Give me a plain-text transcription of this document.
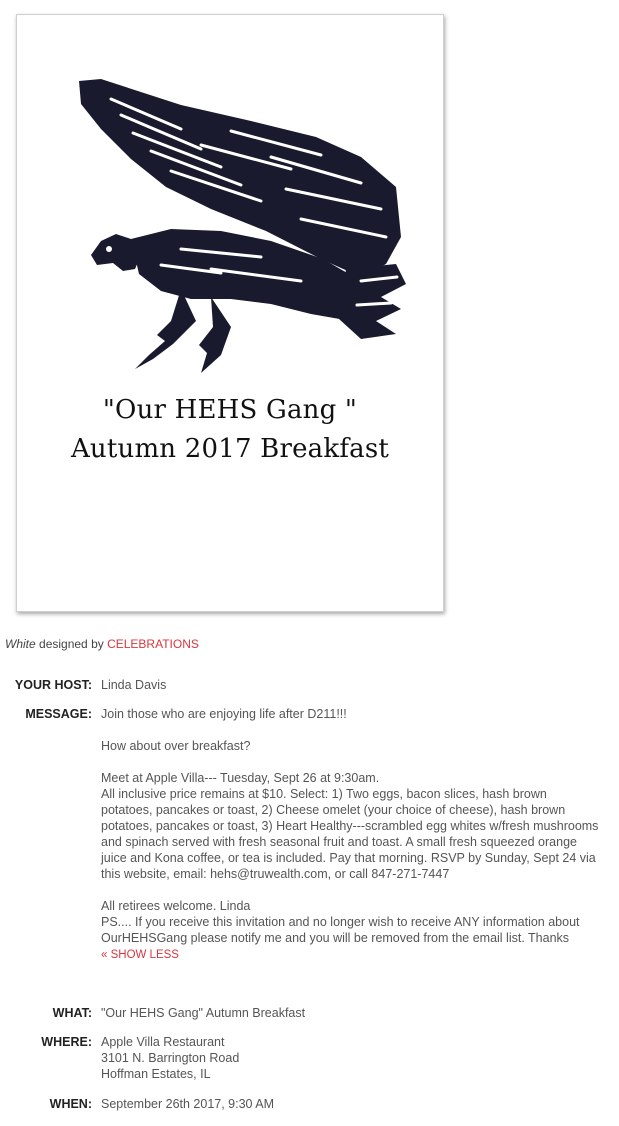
"Our HEHS Gang "
Autumn 2017 Breakfast
White designed by CELEBRATIONS
YOUR HOST: Linda Davis
MESSAGE: Join those who are enjoying life after D211!!!

How about over breakfast?

Meet at Apple Villa--- Tuesday, Sept 26 at 9:30am.

All inclusive price remains at $10. Select: 1) Two eggs, bacon slices, hash brown potatoes, pancakes or toast, 2) Cheese omelet (your choice of cheese), hash brown potatoes, pancakes or toast, 3) Heart Healthy---scrambled egg whites w/fresh mushrooms and spinach served with fresh seasonal fruit and toast. A small fresh squeezed orange juice and Kona coffee, or tea is included. Pay that morning. RSVP by Sunday, Sept 24 via this website, email: hehs@truwealth.com, or call 847-271-7447

All retirees welcome. Linda

PS.... If you receive this invitation and no longer wish to receive ANY information about OurHEHSGang please notify me and you will be removed from the email list. Thanks

« SHOW LESS

WHAT: "Our HEHS Gang" Autumn Breakfast
WHERE: Apple Villa Restaurant

3101 N. Barrington Road

Hoffman Estates, IL

WHEN: September 26th 2017, 9:30 AM
